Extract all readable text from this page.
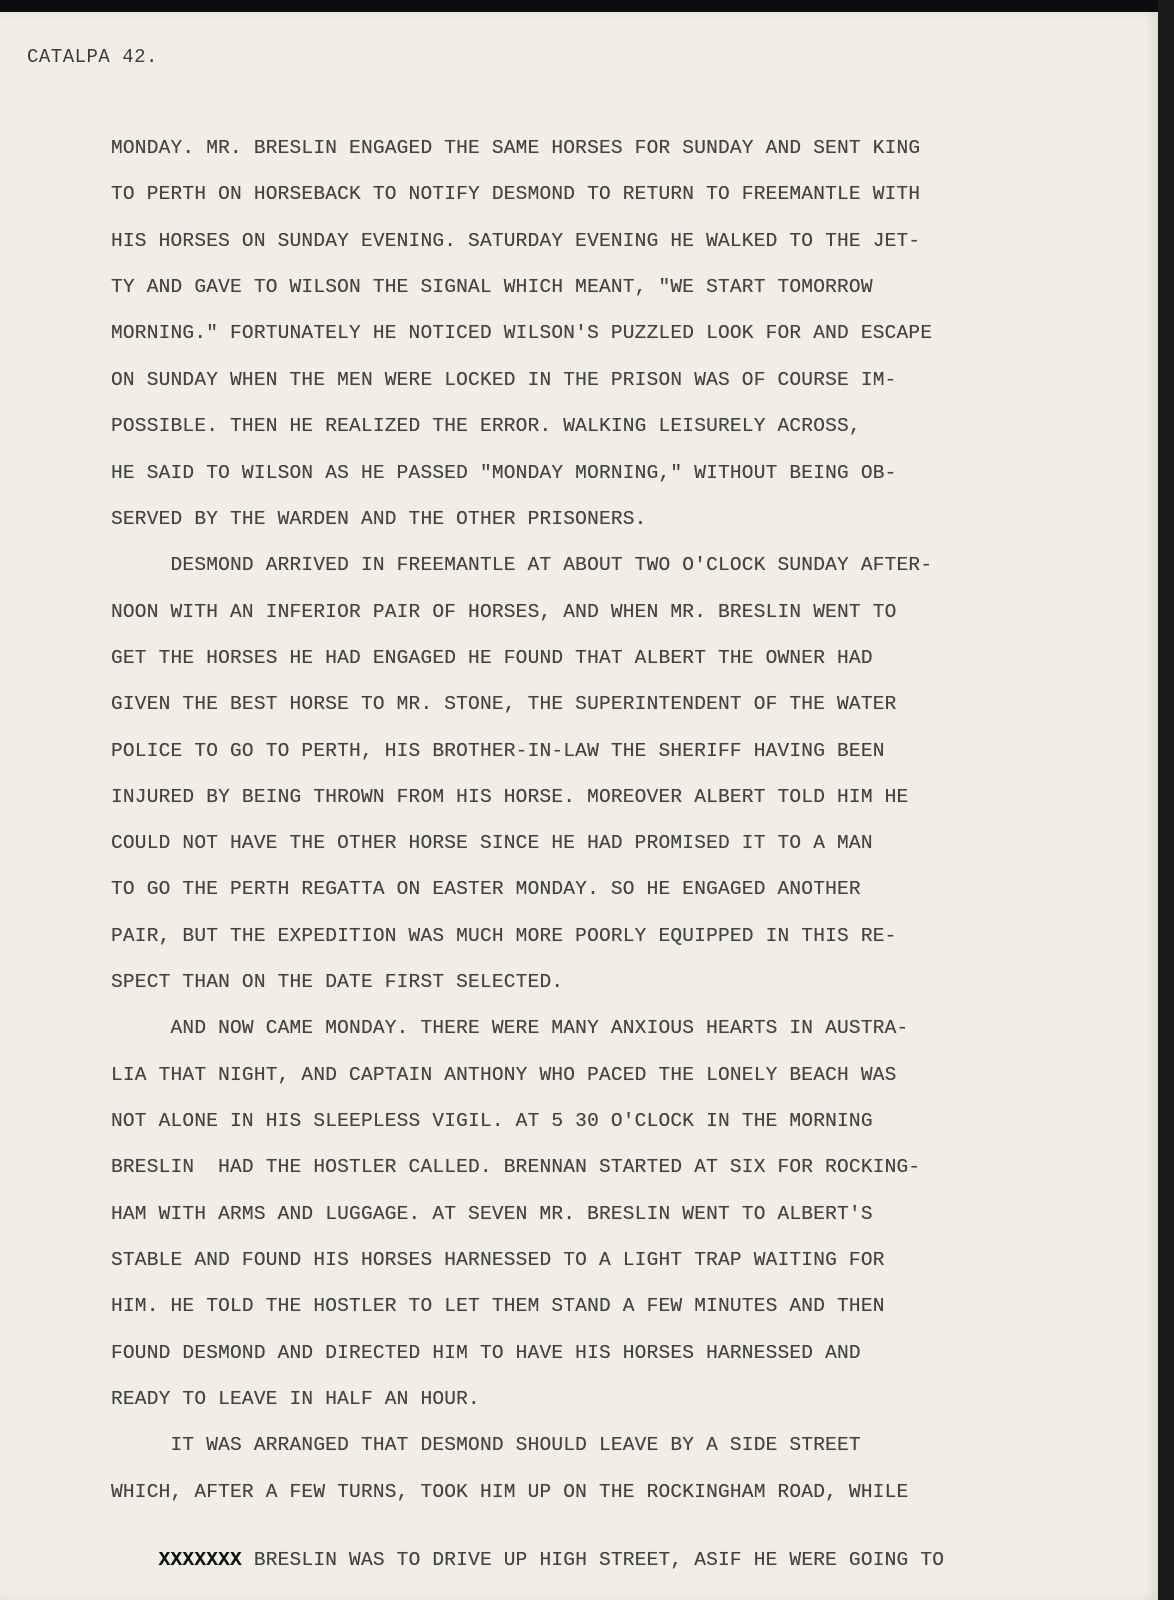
CATALPA 42.
MONDAY. MR. BRESLIN ENGAGED THE SAME HORSES FOR SUNDAY AND SENT KING
TO PERTH ON HORSEBACK TO NOTIFY DESMOND TO RETURN TO FREEMANTLE WITH
HIS HORSES ON SUNDAY EVENING. SATURDAY EVENING HE WALKED TO THE JET-
TY AND GAVE TO WILSON THE SIGNAL WHICH MEANT, "WE START TOMORROW
MORNING." FORTUNATELY HE NOTICED WILSON'S PUZZLED LOOK FOR AND ESCAPE
ON SUNDAY WHEN THE MEN WERE LOCKED IN THE PRISON WAS OF COURSE IM-
POSSIBLE. THEN HE REALIZED THE ERROR. WALKING LEISURELY ACROSS,
HE SAID TO WILSON AS HE PASSED "MONDAY MORNING," WITHOUT BEING OB-
SERVED BY THE WARDEN AND THE OTHER PRISONERS.
DESMOND ARRIVED IN FREEMANTLE AT ABOUT TWO O'CLOCK SUNDAY AFTER-
NOON WITH AN INFERIOR PAIR OF HORSES, AND WHEN MR. BRESLIN WENT TO
GET THE HORSES HE HAD ENGAGED HE FOUND THAT ALBERT THE OWNER HAD
GIVEN THE BEST HORSE TO MR. STONE, THE SUPERINTENDENT OF THE WATER
POLICE TO GO TO PERTH, HIS BROTHER-IN-LAW THE SHERIFF HAVING BEEN
INJURED BY BEING THROWN FROM HIS HORSE. MOREOVER ALBERT TOLD HIM HE
COULD NOT HAVE THE OTHER HORSE SINCE HE HAD PROMISED IT TO A MAN
TO GO THE PERTH REGATTA ON EASTER MONDAY. SO HE ENGAGED ANOTHER
PAIR, BUT THE EXPEDITION WAS MUCH MORE POORLY EQUIPPED IN THIS RE-
SPECT THAN ON THE DATE FIRST SELECTED.
AND NOW CAME MONDAY. THERE WERE MANY ANXIOUS HEARTS IN AUSTRA-
LIA THAT NIGHT, AND CAPTAIN ANTHONY WHO PACED THE LONELY BEACH WAS
NOT ALONE IN HIS SLEEPLESS VIGIL. AT 5 30 O'CLOCK IN THE MORNING
BRESLIN  HAD THE HOSTLER CALLED. BRENNAN STARTED AT SIX FOR ROCKING-
HAM WITH ARMS AND LUGGAGE. AT SEVEN MR. BRESLIN WENT TO ALBERT'S
STABLE AND FOUND HIS HORSES HARNESSED TO A LIGHT TRAP WAITING FOR
HIM. HE TOLD THE HOSTLER TO LET THEM STAND A FEW MINUTES AND THEN
FOUND DESMOND AND DIRECTED HIM TO HAVE HIS HORSES HARNESSED AND
READY TO LEAVE IN HALF AN HOUR.
IT WAS ARRANGED THAT DESMOND SHOULD LEAVE BY A SIDE STREET
WHICH, AFTER A FEW TURNS, TOOK HIM UP ON THE ROCKINGHAM ROAD, WHILE

XXXXXXX BRESLIN WAS TO DRIVE UP HIGH STREET, ASIF HE WERE GOING TO
